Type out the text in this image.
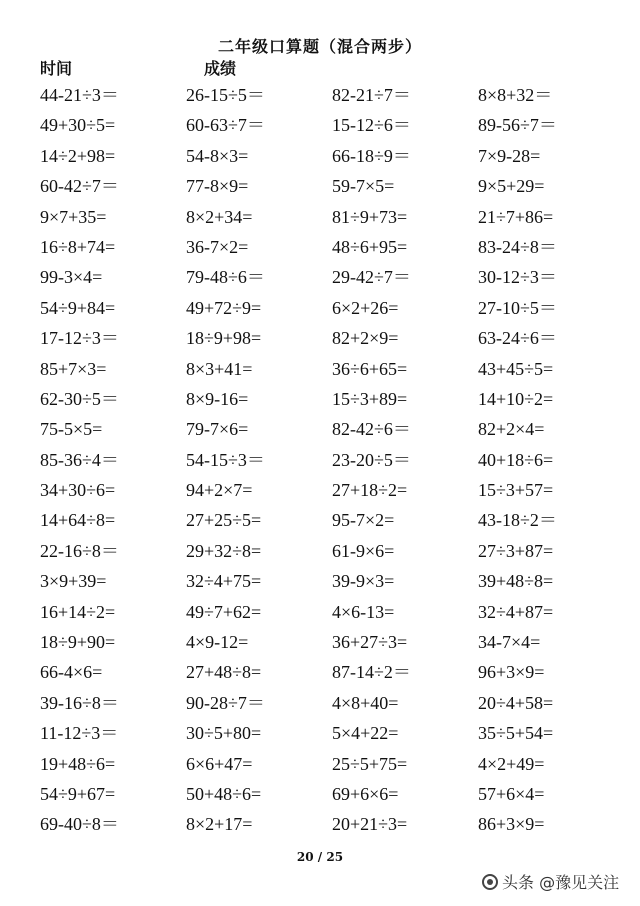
二年级口算题（混合两步）
时间	成绩
44-21÷3＝	26-15÷5＝	82-21÷7＝	8×8+32＝
49+30÷5=	60-63÷7＝	15-12÷6＝	89-56÷7＝
14÷2+98=	54-8×3=	66-18÷9＝	7×9-28=
60-42÷7＝	77-8×9=	59-7×5=	9×5+29=
9×7+35=	8×2+34=	81÷9+73=	21÷7+86=
16÷8+74=	36-7×2=	48÷6+95=	83-24÷8＝
99-3×4=	79-48÷6＝	29-42÷7＝	30-12÷3＝
54÷9+84=	49+72÷9=	6×2+26=	27-10÷5＝
17-12÷3＝	18÷9+98=	82+2×9=	63-24÷6＝
85+7×3=	8×3+41=	36÷6+65=	43+45÷5=
62-30÷5＝	8×9-16=	15÷3+89=	14+10÷2=
75-5×5=	79-7×6=	82-42÷6＝	82+2×4=
85-36÷4＝	54-15÷3＝	23-20÷5＝	40+18÷6=
34+30÷6=	94+2×7=	27+18÷2=	15÷3+57=
14+64÷8=	27+25÷5=	95-7×2=	43-18÷2＝
22-16÷8＝	29+32÷8=	61-9×6=	27÷3+87=
3×9+39=	32÷4+75=	39-9×3=	39+48÷8=
16+14÷2=	49÷7+62=	4×6-13=	32÷4+87=
18÷9+90=	4×9-12=	36+27÷3=	34-7×4=
66-4×6=	27+48÷8=	87-14÷2＝	96+3×9=
39-16÷8＝	90-28÷7＝	4×8+40=	20÷4+58=
11-12÷3＝	30÷5+80=	5×4+22=	35÷5+54=
19+48÷6=	6×6+47=	25÷5+75=	4×2+49=
54÷9+67=	50+48÷6=	69+6×6=	57+6×4=
69-40÷8＝	8×2+17=	20+21÷3=	86+3×9=
20 / 25
头条 @豫见关注
